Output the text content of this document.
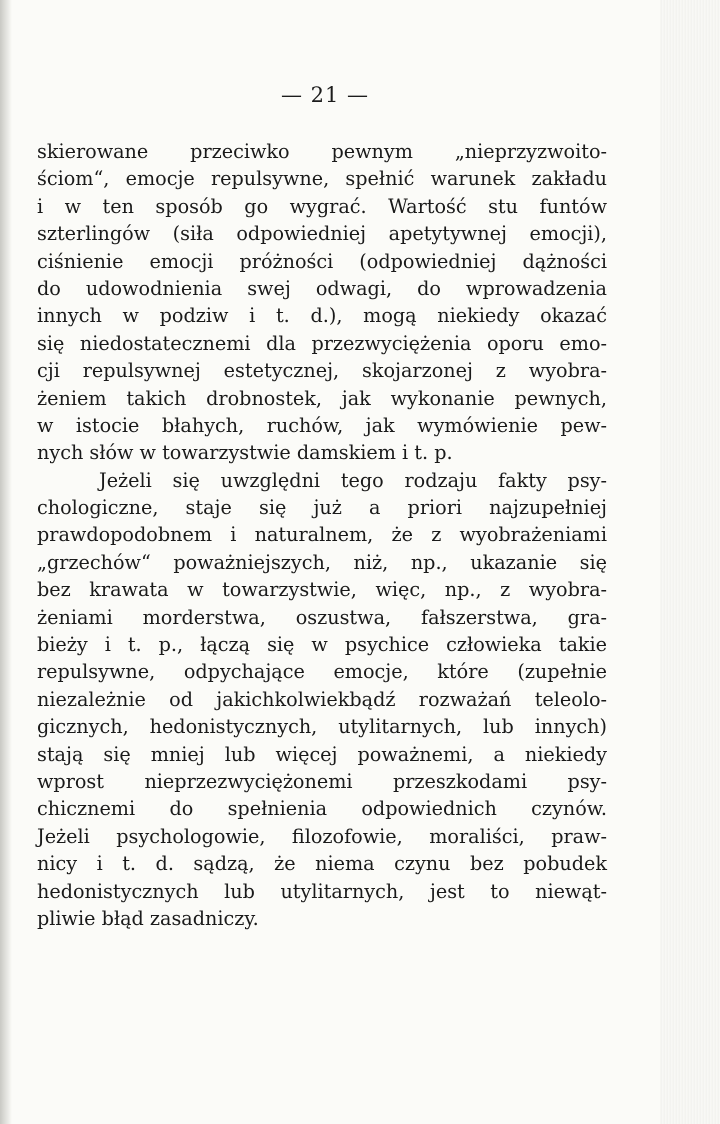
— 21 —
skierowane przeciwko pewnym „nieprzyzwoito-
ściom“, emocje repulsywne, spełnić warunek zakładu
i w ten sposób go wygrać. Wartość stu funtów
szterlingów (siła odpowiedniej apetytywnej emocji),
ciśnienie emocji próżności (odpowiedniej dążności
do udowodnienia swej odwagi, do wprowadzenia
innych w podziw i t. d.), mogą niekiedy okazać
się niedostatecznemi dla przezwyciężenia oporu emo-
cji repulsywnej estetycznej, skojarzonej z wyobra-
żeniem takich drobnostek, jak wykonanie pewnych,
w istocie błahych, ruchów, jak wymówienie pew-
nych słów w towarzystwie damskiem i t. p.
Jeżeli się uwzględni tego rodzaju fakty psy-
chologiczne, staje się już a priori najzupełniej
prawdopodobnem i naturalnem, że z wyobrażeniami
„grzechów“ poważniejszych, niż, np., ukazanie się
bez krawata w towarzystwie, więc, np., z wyobra-
żeniami morderstwa, oszustwa, fałszerstwa, gra-
bieży i t. p., łączą się w psychice człowieka takie
repulsywne, odpychające emocje, które (zupełnie
niezależnie od jakichkolwiekbądź rozważań teleolo-
gicznych, hedonistycznych, utylitarnych, lub innych)
stają się mniej lub więcej poważnemi, a niekiedy
wprost nieprzezwyciężonemi przeszkodami psy-
chicznemi do spełnienia odpowiednich czynów.
Jeżeli psychologowie, filozofowie, moraliści, praw-
nicy i t. d. sądzą, że niema czynu bez pobudek
hedonistycznych lub utylitarnych, jest to niewąt-
pliwie błąd zasadniczy.
